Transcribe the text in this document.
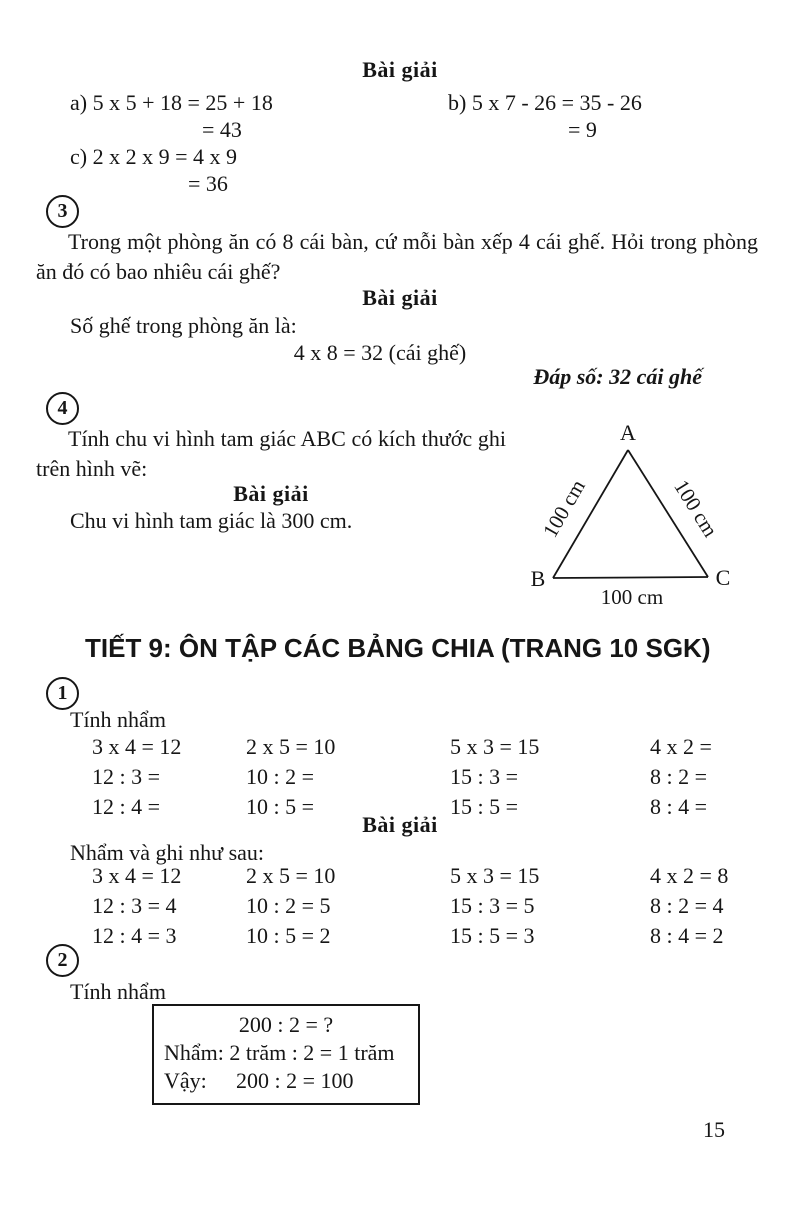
Bài giải
a) 5 x 5 + 18 = 25 + 18
= 43
b) 5 x 7 - 26 = 35 - 26
= 9
c) 2 x 2 x 9 = 4 x 9
= 36
3
Trong một phòng ăn có 8 cái bàn, cứ mỗi bàn xếp 4 cái ghế. Hỏi trong phòng ăn đó có bao nhiêu cái ghế?
Bài giải
Số ghế trong phòng ăn là:
4 x 8 = 32 (cái ghế)
Đáp số: 32 cái ghế
4
Tính chu vi hình tam giác ABC có kích thước ghi trên hình vẽ:
Bài giải
Chu vi hình tam giác là 300 cm.
A
B	C
100 cm	100 cm
100 cm
TIẾT 9: ÔN TẬP CÁC BẢNG CHIA (TRANG 10 SGK)
1
Tính nhẩm
3 x 4 = 12	2 x 5 = 10	5 x 3 = 15	4 x 2 =
12 : 3 =	10 : 2 =	15 : 3 =	8 : 2 =
12 : 4 =	10 : 5 =	15 : 5 =	8 : 4 =
Bài giải
Nhẩm và ghi như sau:
3 x 4 = 12	2 x 5 = 10	5 x 3 = 15	4 x 2 = 8
12 : 3 = 4	10 : 2 = 5	15 : 3 = 5	8 : 2 = 4
12 : 4 = 3	10 : 5 = 2	15 : 5 = 3	8 : 4 = 2
2
Tính nhẩm
200 : 2 = ?
Nhẩm: 2 trăm : 2 = 1 trăm
Vậy:	200 : 2 = 100
15
